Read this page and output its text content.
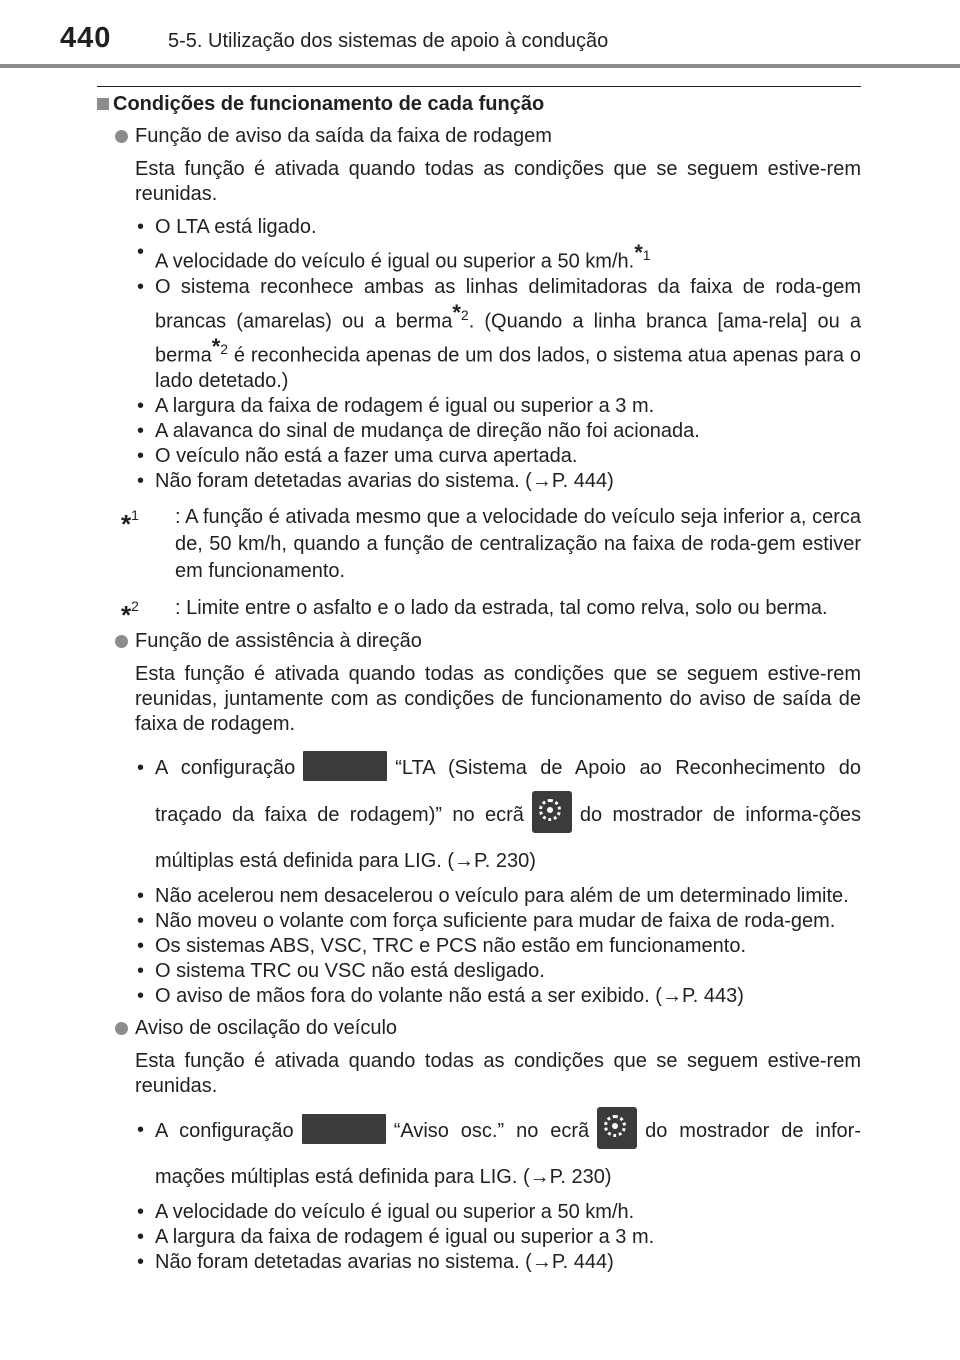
440	5-5. Utilização dos sistemas de apoio à condução
Condições de funcionamento de cada função
Função de aviso da saída da faixa de rodagem
Esta função é ativada quando todas as condições que se seguem estive-rem reunidas.
• O LTA está ligado.
• A velocidade do veículo é igual ou superior a 50 km/h.$^{*1}$
• O sistema reconhece ambas as linhas delimitadoras da faixa de roda-gem brancas (amarelas) ou a berma$^{*2}$. (Quando a linha branca [ama-rela] ou a berma$^{*2}$ é reconhecida apenas de um dos lados, o sistema atua apenas para o lado detetado.)
• A largura da faixa de rodagem é igual ou superior a 3 m.
• A alavanca do sinal de mudança de direção não foi acionada.
• O veículo não está a fazer uma curva apertada.
• Não foram detetadas avarias do sistema. (→P. 444)
*$^1$ : A função é ativada mesmo que a velocidade do veículo seja inferior a, cerca de, 50 km/h, quando a função de centralização na faixa de roda-gem estiver em funcionamento.
*$^2$ : Limite entre o asfalto e o lado da estrada, tal como relva, solo ou berma.
Função de assistência à direção
Esta função é ativada quando todas as condições que se seguem estive-rem reunidas, juntamente com as condições de funcionamento do aviso de saída de faixa de rodagem.
• A configuração	“LTA (Sistema de Apoio ao Reconhecimento do traçado da faixa de rodagem)” no ecrã	do mostrador de informa-ções múltiplas está definida para LIG. (→P. 230)
• Não acelerou nem desacelerou o veículo para além de um determinado limite.
• Não moveu o volante com força suficiente para mudar de faixa de roda-gem.
• Os sistemas ABS, VSC, TRC e PCS não estão em funcionamento.
• O sistema TRC ou VSC não está desligado.
• O aviso de mãos fora do volante não está a ser exibido. (→P. 443)
Aviso de oscilação do veículo
Esta função é ativada quando todas as condições que se seguem estive-rem reunidas.
• A configuração	“Aviso osc.” no ecrã	do mostrador de infor-mações múltiplas está definida para LIG. (→P. 230)
• A velocidade do veículo é igual ou superior a 50 km/h.
• A largura da faixa de rodagem é igual ou superior a 3 m.
• Não foram detetadas avarias no sistema. (→P. 444)
